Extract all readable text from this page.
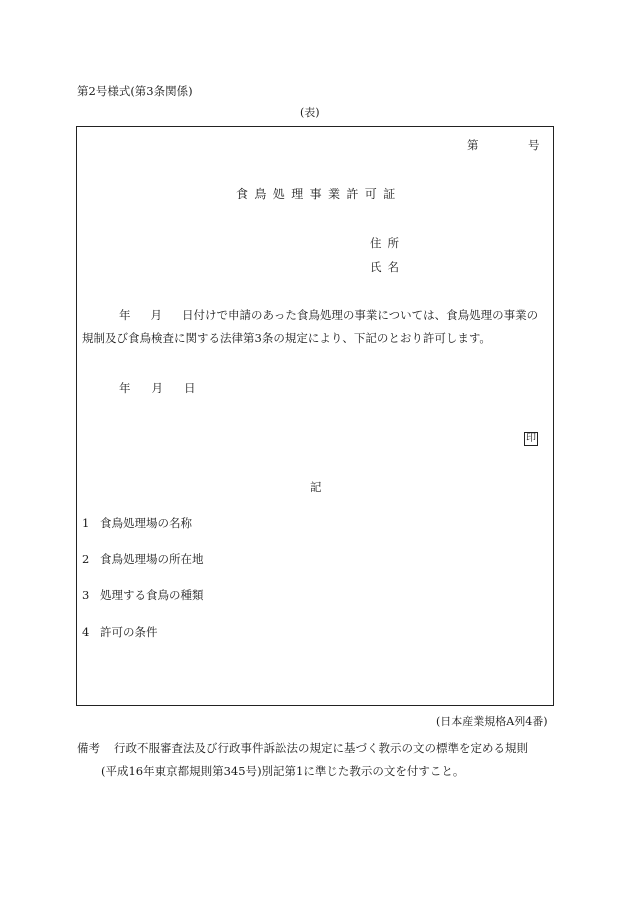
第2号様式(第3条関係)
(表)
第	号
食鳥処理事業許可証
住所
氏名
年 月 日付けで申請のあった食鳥処理の事業については、食鳥処理の事業の
規制及び食鳥検査に関する法律第3条の規定により、下記のとおり許可します。
年 月 日
印
記
1 食鳥処理場の名称
2 食鳥処理場の所在地
3 処理する食鳥の種類
4 許可の条件
(日本産業規格A列4番)
備考 行政不服審査法及び行政事件訴訟法の規定に基づく教示の文の標準を定める規則
(平成16年東京都規則第345号)別記第1に準じた教示の文を付すこと。
